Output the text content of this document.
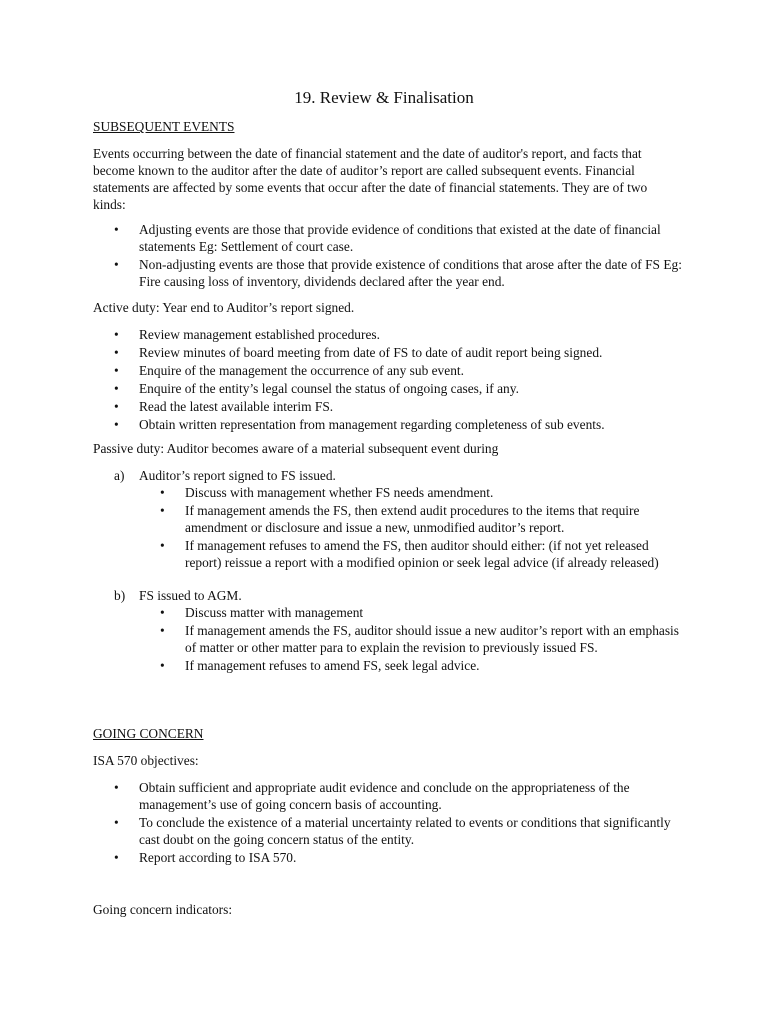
19. Review & Finalisation
SUBSEQUENT EVENTS
Events occurring between the date of financial statement and the date of auditor's report, and facts that become known to the auditor after the date of auditor’s report are called subsequent events. Financial statements are affected by some events that occur after the date of financial statements. They are of two kinds:
• Adjusting events are those that provide evidence of conditions that existed at the date of financial statements Eg: Settlement of court case.
• Non-adjusting events are those that provide existence of conditions that arose after the date of FS Eg: Fire causing loss of inventory, dividends declared after the year end.
Active duty: Year end to Auditor’s report signed.
• Review management established procedures.
• Review minutes of board meeting from date of FS to date of audit report being signed.
• Enquire of the management the occurrence of any sub event.
• Enquire of the entity’s legal counsel the status of ongoing cases, if any.
• Read the latest available interim FS.
• Obtain written representation from management regarding completeness of sub events.
Passive duty: Auditor becomes aware of a material subsequent event during
a) Auditor’s report signed to FS issued.
• Discuss with management whether FS needs amendment.
• If management amends the FS, then extend audit procedures to the items that require amendment or disclosure and issue a new, unmodified auditor’s report.
• If management refuses to amend the FS, then auditor should either: (if not yet released report) reissue a report with a modified opinion or seek legal advice (if already released)
b) FS issued to AGM.
• Discuss matter with management
• If management amends the FS, auditor should issue a new auditor’s report with an emphasis of matter or other matter para to explain the revision to previously issued FS.
• If management refuses to amend FS, seek legal advice.
GOING CONCERN
ISA 570 objectives:
• Obtain sufficient and appropriate audit evidence and conclude on the appropriateness of the management’s use of going concern basis of accounting.
• To conclude the existence of a material uncertainty related to events or conditions that significantly cast doubt on the going concern status of the entity.
• Report according to ISA 570.
Going concern indicators:
